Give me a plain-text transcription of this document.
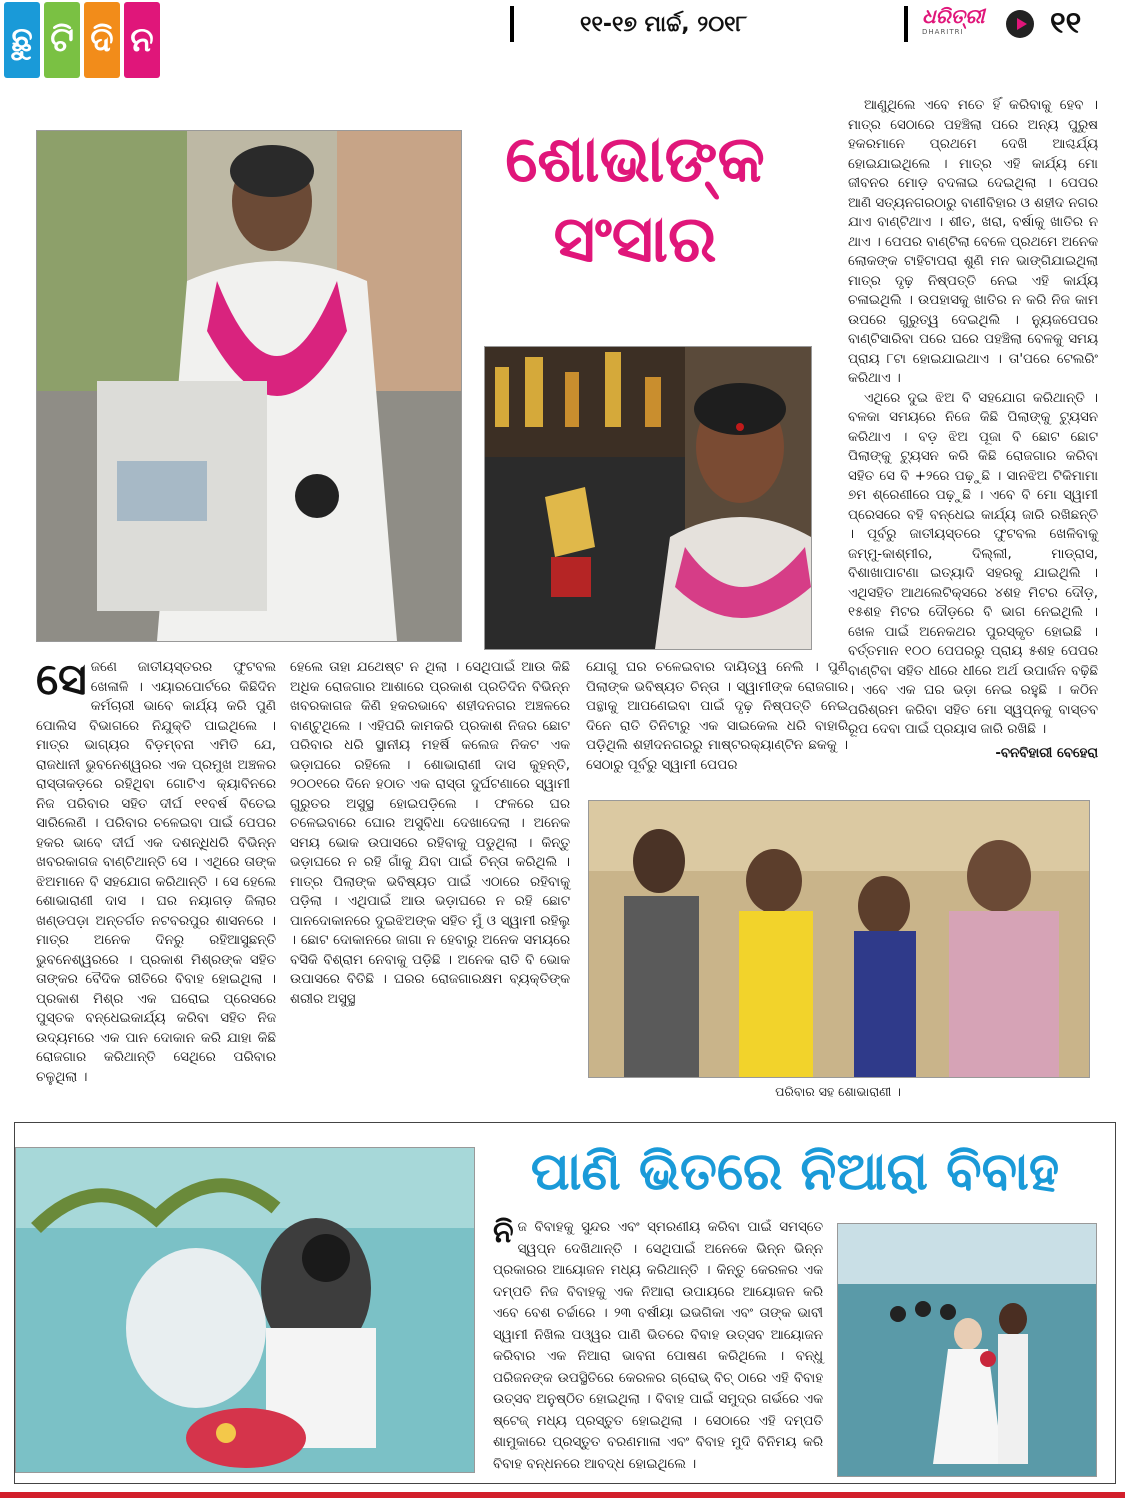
ଛୁ ଟି ଦି ନ	୧୧-୧୭ ମାର୍ଚ୍ଚ, ୨୦୧୮	ଧରିତ୍ରୀ
DHARITRI	୧୧
ଶୋଭାଙ୍କ
ସଂସାର
ସେ ଜଣେ ଜାତୀୟସ୍ତରର ଫୁଟବଲ ଖେଳାଳି । ଏୟାରପୋର୍ଟରେ କିଛିଦିନ କର୍ମଚାରୀ ଭାବେ କାର୍ଯ୍ୟ କରି ପୁଣି ପୋଲିସ ବିଭାଗରେ ନିଯୁକ୍ତି ପାଇଥିଲେ । ମାତ୍ର ଭାଗ୍ୟର ବିଡ଼ମ୍ବନା ଏମିତି ଯେ, ରାଜଧାନୀ ଭୁବନେଶ୍ୱରର ଏକ ପ୍ରମୁଖ ଅଞ୍ଚଳର ରାସ୍ତାକଡ଼ରେ ରହିଥିବା ଗୋଟିଏ କ୍ୟାବିନରେ ନିଜ ପରିବାର ସହିତ ଦୀର୍ଘ ୧୧ବର୍ଷ ବିତେଇ ସାରିଲେଣି । ପରିବାର ଚଳେଇବା ପାଇଁ ପେପର ହକର ଭାବେ ଦୀର୍ଘ ଏକ ଦଶନ୍ଧିଧରି ବିଭିନ୍ନ ଖବରକାଗଜ ବାଣ୍ଟିଥାନ୍ତି ସେ । ଏଥିରେ ତାଙ୍କ ଝିଅମାନେ ବି ସହଯୋଗ କରିଥାନ୍ତି । ସେ ହେଲେ ଶୋଭାରାଣୀ ଦାସ । ଘର ନୟାଗଡ଼ ଜିଲାର ଖଣ୍ଡପଡ଼ା ଅନ୍ତର୍ଗତ ନଟବରପୁର ଶାସନରେ । ମାତ୍ର ଅନେକ ଦିନରୁ ରହିଆସୁଛନ୍ତି ଭୁବନେଶ୍ୱରରେ । ପ୍ରକାଶ ମିଶ୍ରଙ୍କ ସହିତ ତାଙ୍କର ବୈଦିକ ରୀତିରେ ବିବାହ ହୋଇଥିଲା । ପ୍ରକାଶ ମିଶ୍ର ଏକ ଘରୋଇ ପ୍ରେସରେ ପୁସ୍ତକ ବନ୍ଧେଇକାର୍ଯ୍ୟ କରିବା ସହିତ ନିଜ ଉଦ୍ୟମରେ ଏକ ପାନ ଦୋକାନ କରି ଯାହା କିଛି ରୋଜଗାର କରିଥାନ୍ତି ସେଥିରେ ପରିବାର ଚଳୁଥିଲା ।

ହେଲେ ତାହା ଯଥେଷ୍ଟ ନ ଥିଲା । ସେଥିପାଇଁ ଆଉ କିଛି ଅଧିକ ରୋଜଗାର ଆଶାରେ ପ୍ରକାଶ ପ୍ରତିଦିନ ବିଭିନ୍ନ ଖବରକାଗଜ କିଣି ହକରଭାବେ ଶହୀଦନଗର ଅଞ୍ଚଳରେ ବାଣ୍ଟୁଥିଲେ । ଏହିପରି କାମକରି ପ୍ରକାଶ ନିଜର ଛୋଟ ପରିବାର ଧରି ସ୍ଥାନୀୟ ମହର୍ଷି କଲେଜ ନିକଟ ଏକ ଭଡ଼ାଘରେ ରହିଲେ । ଶୋଭାରାଣୀ ଦାସ କୁହନ୍ତି, ୨୦୦୧ରେ ଦିନେ ହଠାତ ଏକ ରାସ୍ତା ଦୁର୍ଘଟଣାରେ ସ୍ୱାମୀ ଗୁରୁତର ଅସୁସ୍ଥ ହୋଇପଡ଼ିଲେ । ଫଳରେ ଘର ଚଳେଇବାରେ ଘୋର ଅସୁବିଧା ଦେଖାଦେଲା । ଅନେକ ସମୟ ଭୋକ ଉପାସରେ ରହିବାକୁ ପଡୁଥିଲା । କିନ୍ତୁ ଭଡ଼ାଘରେ ନ ରହି ଗାଁକୁ ଯିବା ପାଇଁ ଚିନ୍ତା କରିଥିଲି । ମାତ୍ର ପିଲାଙ୍କ ଭବିଷ୍ୟତ ପାଇଁ ଏଠାରେ ରହିବାକୁ ପଡ଼ିଲା । ଏଥିପାଇଁ ଆଉ ଭଡ଼ାଘରେ ନ ରହି ଛୋଟ ପାନଦୋକାନରେ ଦୁଇଝିଅଙ୍କ ସହିତ ମୁଁ ଓ ସ୍ୱାମୀ ରହିଲୁ । ଛୋଟ ଦୋକାନରେ ଜାଗା ନ ହେବାରୁ ଅନେକ ସମୟରେ ବସିକି ବିଶ୍ରାମ ନେବାକୁ ପଡ଼ିଛି । ଅନେକ ରାତି ବି ଭୋକ ଉପାସରେ ବିତିଛି । ଘରର ରୋଜଗାରକ୍ଷମ ବ୍ୟକ୍ତିଙ୍କ ଶରୀର ଅସୁସ୍ଥ

ଯୋଗୁ ଘର ଚଳେଇବାର ଦାୟିତ୍ୱ ନେଲି । ପୁଣି ପିଲାଙ୍କ ଭବିଷ୍ୟତ ଚିନ୍ତା । ସ୍ୱାମୀଙ୍କ ରୋଜଗାର ପନ୍ଥାକୁ ଆପଣେଇବା ପାଇଁ ଦୃଢ଼ ନିଷ୍ପତ୍ତି ନେଇ ଦିନେ ରାତି ତିନିଟାରୁ ଏକ ସାଇକେଲ ଧରି ବାହାରି ପଡ଼ିଥିଲି ଶହୀଦନଗରରୁ ମାଷ୍ଟରକ୍ୟାଣ୍ଟିନ ଛକକୁ । ସେଠାରୁ ପୂର୍ବରୁ ସ୍ୱାମୀ ପେପର

ଆଣୁଥିଲେ ଏବେ ମତେ ହିଁ କରିବାକୁ ହେବ । ମାତ୍ର ସେଠାରେ ପହଞ୍ଚିଲା ପରେ ଅନ୍ୟ ପୁରୁଷ ହକରମାନେ ପ୍ରଥମେ ଦେଖି ଆଶ୍ଚର୍ଯ୍ୟ ହୋଇଯାଇଥିଲେ । ମାତ୍ର ଏହି କାର୍ଯ୍ୟ ମୋ ଜୀବନର ମୋଡ଼ ବଦଳାଇ ଦେଇଥିଲା । ପେପର ଆଣି ସତ୍ୟନଗରଠାରୁ ବାଣୀବିହାର ଓ ଶହୀଦ ନଗର ଯାଏ ବାଣ୍ଟିଥାଏ । ଶୀତ, ଖରା, ବର୍ଷାକୁ ଖାତିର ନ ଥାଏ । ପେପର ବାଣ୍ଟିଲା ବେଳେ ପ୍ରଥମେ ଅନେକ ଲୋକଙ୍କ ଟାହିଟାପରା ଶୁଣି ମନ ଭାଙ୍ଗିଯାଇଥିଲା ମାତ୍ର ଦୃଢ଼ ନିଷ୍ପତ୍ତି ନେଇ ଏହି କାର୍ଯ୍ୟ ଚଳାଇଥିଲି । ଉପହାସକୁ ଖାତିର ନ କରି ନିଜ କାମ ଉପରେ ଗୁରୁତ୍ୱ ଦେଇଥିଲି । ନ୍ୟୁଜପେପର ବାଣ୍ଟିସାରିବା ପରେ ଘରେ ପହଞ୍ଚିଲା ବେଳକୁ ସମୟ ପ୍ରାୟ ୮ଟା ହୋଇଯାଇଥାଏ । ତା'ପରେ ଟେଲରିଂ କରିଥାଏ ।

ଏଥିରେ ଦୁଇ ଝିଅ ବି ସହଯୋଗ କରିଥାନ୍ତି । ବଳକା ସମୟରେ ନିଜେ କିଛି ପିଲାଙ୍କୁ ଟ୍ୟୁସନ କରିଥାଏ । ବଡ଼ ଝିଅ ପୂଜା ବି ଛୋଟ ଛୋଟ ପିଲାଙ୍କୁ ଟ୍ୟୁସନ କରି କିଛି ରୋଜଗାର କରିବା ସହିତ ସେ ବି +୨ରେ ପଢ଼ୁଛି । ସାନଝିଅ ଟିକିମାମା ୭ମ ଶ୍ରେଣୀରେ ପଢ଼ୁଛି । ଏବେ ବି ମୋ ସ୍ୱାମୀ ପ୍ରେସରେ ବହି ବନ୍ଧେଇ କାର୍ଯ୍ୟ ଜାରି ରଖିଛନ୍ତି । ପୂର୍ବରୁ ଜାତୀୟସ୍ତରେ ଫୁଟବଲ ଖେଳିବାକୁ ଜମ୍ମୁ-କାଶ୍ମୀର, ଦିଲ୍ଲୀ, ମାଡ୍ରାସ, ବିଶାଖାପାଟଣା ଇତ୍ୟାଦି ସହରକୁ ଯାଇଥିଲି । ଏଥିସହିତ ଆଥଲେଟିକ୍ସରେ ୪ଶହ ମିଟର ଦୌଡ଼, ୧୫ଶହ ମିଟର ଦୌଡ଼ରେ ବି ଭାଗ ନେଇଥିଲି । ଖେଳ ପାଇଁ ଅନେକଥର ପୁରସ୍କୃତ ହୋଇଛି । ବର୍ତ୍ତମାନ ୧୦୦ ପେପରରୁ ପ୍ରାୟ ୫ଶହ ପେପର ବାଣ୍ଟିବା ସହିତ ଧୀରେ ଧୀରେ ଅର୍ଥ ଉପାର୍ଜନ ବଢ଼ିଛି । ଏବେ ଏକ ଘର ଭଡ଼ା ନେଇ ରହୁଛି । କଠିନ ପରିଶ୍ରମ କରିବା ସହିତ ମୋ ସ୍ୱପ୍ନକୁ ବାସ୍ତବ ରୂପ ଦେବା ପାଇଁ ପ୍ରୟାସ ଜାରି ରଖିଛି ।

-ବନବିହାରୀ ବେହେରା

ପରିବାର ସହ ଶୋଭାରାଣୀ ।
ପାଣି ଭିତରେ ନିଆରା ବିବାହ
ନି ଜ ବିବାହକୁ ସୁନ୍ଦର ଏବଂ ସ୍ମରଣୀୟ କରିବା ପାଇଁ ସମସ୍ତେ ସ୍ୱପ୍ନ ଦେଖିଥାନ୍ତି । ସେଥିପାଇଁ ଅନେକେ ଭିନ୍ନ ଭିନ୍ନ ପ୍ରକାରର ଆୟୋଜନ ମଧ୍ୟ କରିଥାନ୍ତି । କିନ୍ତୁ କେରଳର ଏକ ଦମ୍ପତି ନିଜ ବିବାହକୁ ଏକ ନିଆରା ଉପାୟରେ ଆୟୋଜନ କରି ଏବେ ବେଶ ଚର୍ଚ୍ଚାରେ । ୨୩ ବର୍ଷୀୟା ଇଭଗିକା ଏବଂ ତାଙ୍କ ଭାବୀ ସ୍ୱାମୀ ନିଖିଲ ପଓ୍ୱର ପାଣି ଭିତରେ ବିବାହ ଉତ୍ସବ ଆୟୋଜନ କରିବାର ଏକ ନିଆରା ଭାବନା ପୋଷଣ କରିଥିଲେ । ବନ୍ଧୁ ପରିଜନଙ୍କ ଉପସ୍ଥିତିରେ କେରଳର ଗ୍ରୋଭ୍ ବିଚ୍ ଠାରେ ଏହି ବିବାହ ଉତ୍ସବ ଅନୁଷ୍ଠିତ ହୋଇଥିଲା । ବିବାହ ପାଇଁ ସମୁଦ୍ର ଗର୍ଭରେ ଏକ ଷ୍ଟେଜ୍ ମଧ୍ୟ ପ୍ରସ୍ତୁତ ହୋଇଥିଲା । ସେଠାରେ ଏହି ଦମ୍ପତି ଶାମୁକାରେ ପ୍ରସ୍ତୁତ ବରଣମାଳା ଏବଂ ବିବାହ ମୁଦି ବିନିମୟ କରି ବିବାହ ବନ୍ଧନରେ ଆବଦ୍ଧ ହୋଇଥିଲେ ।
